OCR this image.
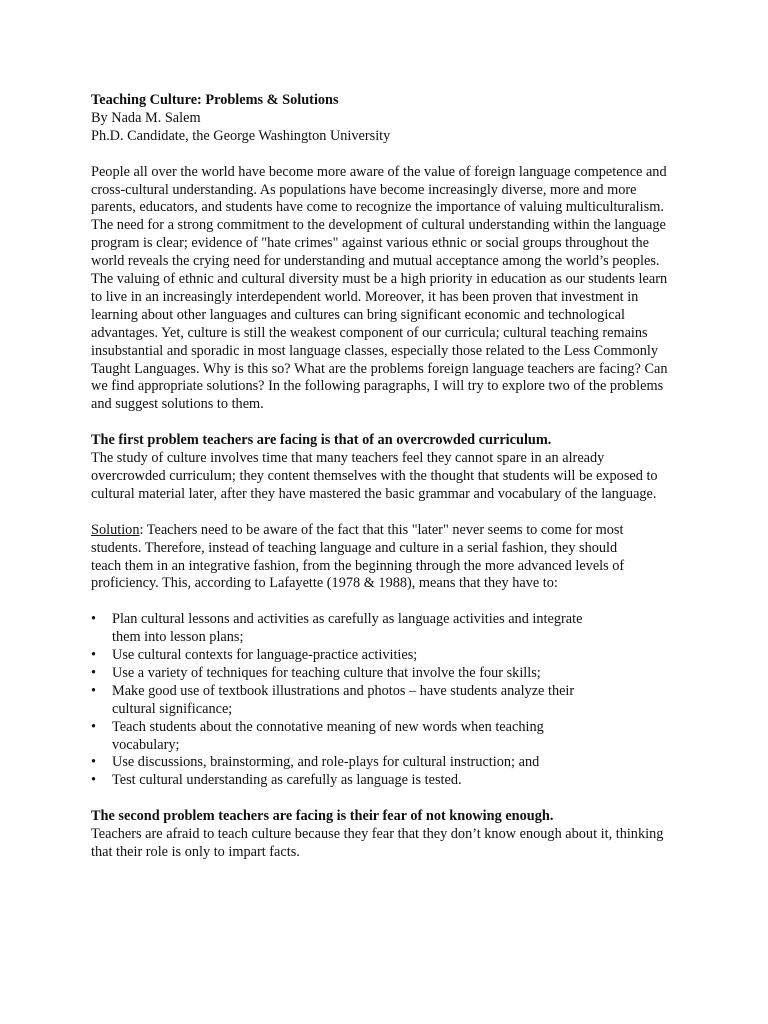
Teaching Culture: Problems & Solutions
By Nada M. Salem
Ph.D. Candidate, the George Washington University

People all over the world have become more aware of the value of foreign language competence and cross-cultural understanding. As populations have become increasingly diverse, more and more parents, educators, and students have come to recognize the importance of valuing multiculturalism. The need for a strong commitment to the development of cultural understanding within the language program is clear; evidence of "hate crimes" against various ethnic or social groups throughout the world reveals the crying need for understanding and mutual acceptance among the world’s peoples. The valuing of ethnic and cultural diversity must be a high priority in education as our students learn to live in an increasingly interdependent world. Moreover, it has been proven that investment in learning about other languages and cultures can bring significant economic and technological advantages. Yet, culture is still the weakest component of our curricula; cultural teaching remains insubstantial and sporadic in most language classes, especially those related to the Less Commonly Taught Languages. Why is this so? What are the problems foreign language teachers are facing? Can we find appropriate solutions? In the following paragraphs, I will try to explore two of the problems and suggest solutions to them.

The first problem teachers are facing is that of an overcrowded curriculum.

The study of culture involves time that many teachers feel they cannot spare in an already overcrowded curriculum; they content themselves with the thought that students will be exposed to cultural material later, after they have mastered the basic grammar and vocabulary of the language.

Solution: Teachers need to be aware of the fact that this "later" never seems to come for most students. Therefore, instead of teaching language and culture in a serial fashion, they should teach them in an integrative fashion, from the beginning through the more advanced levels of proficiency. This, according to Lafayette (1978 & 1988), means that they have to:

• Plan cultural lessons and activities as carefully as language activities and integrate them into lesson plans;
• Use cultural contexts for language-practice activities;
• Use a variety of techniques for teaching culture that involve the four skills;
• Make good use of textbook illustrations and photos – have students analyze their cultural significance;
• Teach students about the connotative meaning of new words when teaching vocabulary;
• Use discussions, brainstorming, and role-plays for cultural instruction; and
• Test cultural understanding as carefully as language is tested.
The second problem teachers are facing is their fear of not knowing enough.

Teachers are afraid to teach culture because they fear that they don’t know enough about it, thinking that their role is only to impart facts.
